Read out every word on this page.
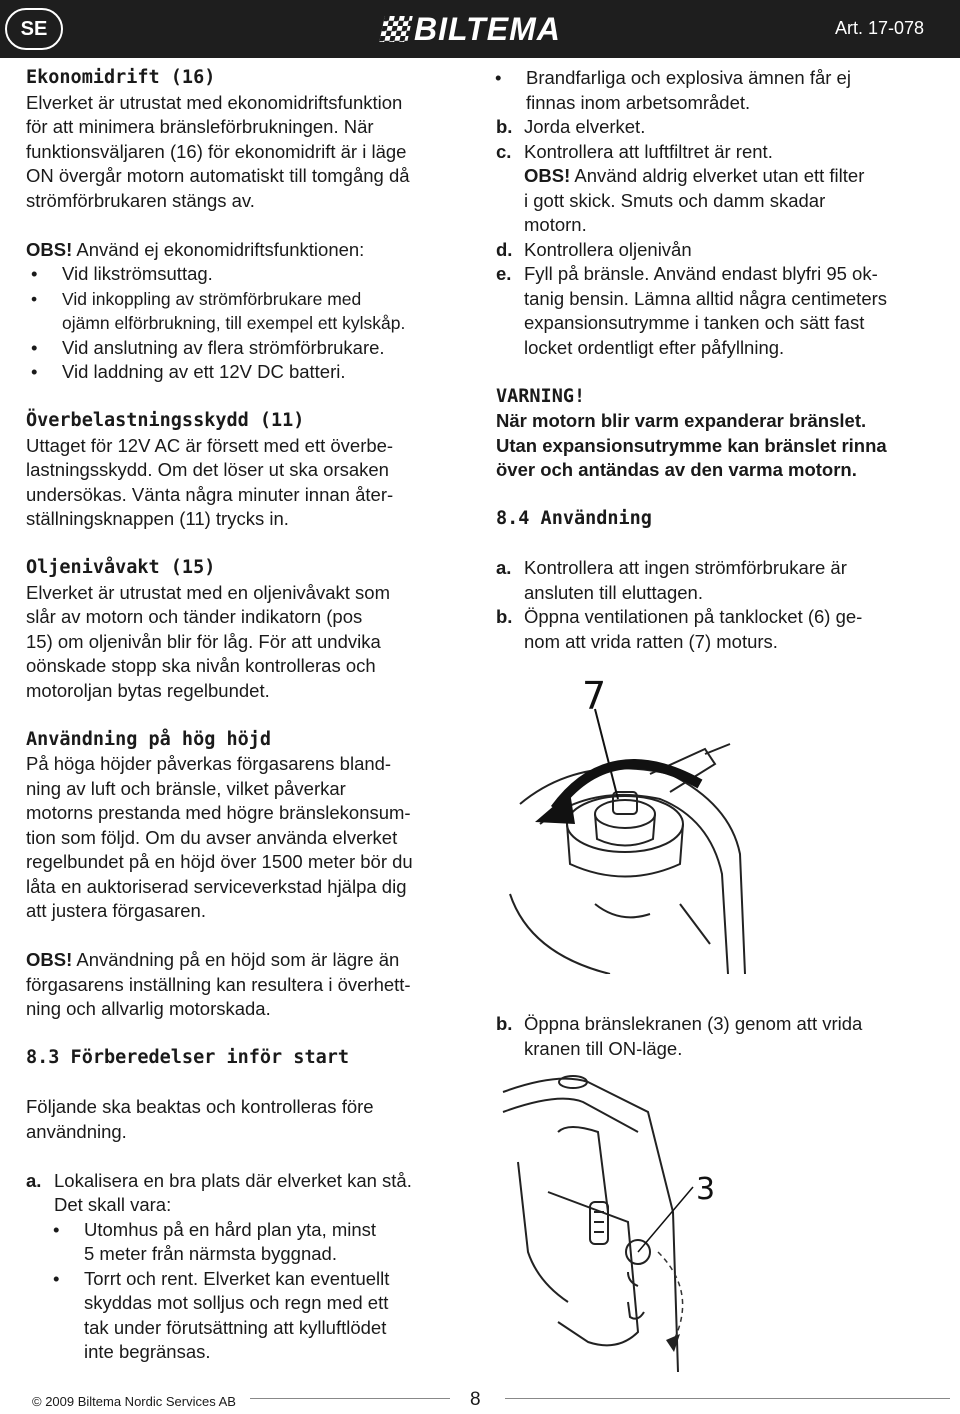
SE	BILTEMA	Art. 17-078

Ekonomidrift (16)

Elverket är utrustat med ekonomidriftsfunktion

för att minimera bränsleförbrukningen. När

funktionsväljaren (16) för ekonomidrift är i läge

ON övergår motorn automatiskt till tomgång då

strömförbrukaren stängs av.

OBS! Använd ej ekonomidriftsfunktionen:

• Vid likströmsuttag.
• Vid inkoppling av strömförbrukare med
ojämn elförbrukning, till exempel ett kylskåp.
• Vid anslutning av flera strömförbrukare.
• Vid laddning av ett 12V DC batteri.

Överbelastningsskydd (11)

Uttaget för 12V AC är försett med ett överbe-

lastningsskydd. Om det löser ut ska orsaken

undersökas. Vänta några minuter innan åter-

ställningsknappen (11) trycks in.

Oljenivåvakt (15)

Elverket är utrustat med en oljenivåvakt som

slår av motorn och tänder indikatorn (pos

15) om oljenivån blir för låg. För att undvika

oönskade stopp ska nivån kontrolleras och

motoroljan bytas regelbundet.

Användning på hög höjd

På höga höjder påverkas förgasarens bland-

ning av luft och bränsle, vilket påverkar

motorns prestanda med högre bränslekonsum-

tion som följd. Om du avser använda elverket

regelbundet på en höjd över 1500 meter bör du

låta en auktoriserad serviceverkstad hjälpa dig

att justera förgasaren.

OBS! Användning på en höjd som är lägre än

förgasarens inställning kan resultera i överhett-

ning och allvarlig motorskada.

8.3 Förberedelser inför start

Följande ska beaktas och kontrolleras före

användning.

a. Lokalisera en bra plats där elverket kan stå.

Det skall vara:

• Utomhus på en hård plan yta, minst
5 meter från närmsta byggnad.
• Torrt och rent. Elverket kan eventuellt
skyddas mot solljus och regn med ett
tak under förutsättning att kylluftlödet
inte begränsas.
• Brandfarliga och explosiva ämnen får ej
finnas inom arbetsområdet.
b. Jorda elverket.
c. Kontrollera att luftfiltret är rent.

OBS! Använd aldrig elverket utan ett filter

i gott skick. Smuts och damm skadar

motorn.

d. Kontrollera oljenivån
e. Fyll på bränsle. Använd endast blyfri 95 ok-

tanig bensin. Lämna alltid några centimeters

expansionsutrymme i tanken och sätt fast

locket ordentligt efter påfyllning.

VARNING!

När motorn blir varm expanderar bränslet.

Utan expansionsutrymme kan bränslet rinna

över och antändas av den varma motorn.

8.4 Användning

a. Kontrollera att ingen strömförbrukare är

ansluten till eluttagen.

b. Öppna ventilationen på tanklocket (6) ge-

nom att vrida ratten (7) moturs.

7
b. Öppna bränslekranen (3) genom att vrida

kranen till ON-läge.

3
© 2009 Biltema Nordic Services AB	8
